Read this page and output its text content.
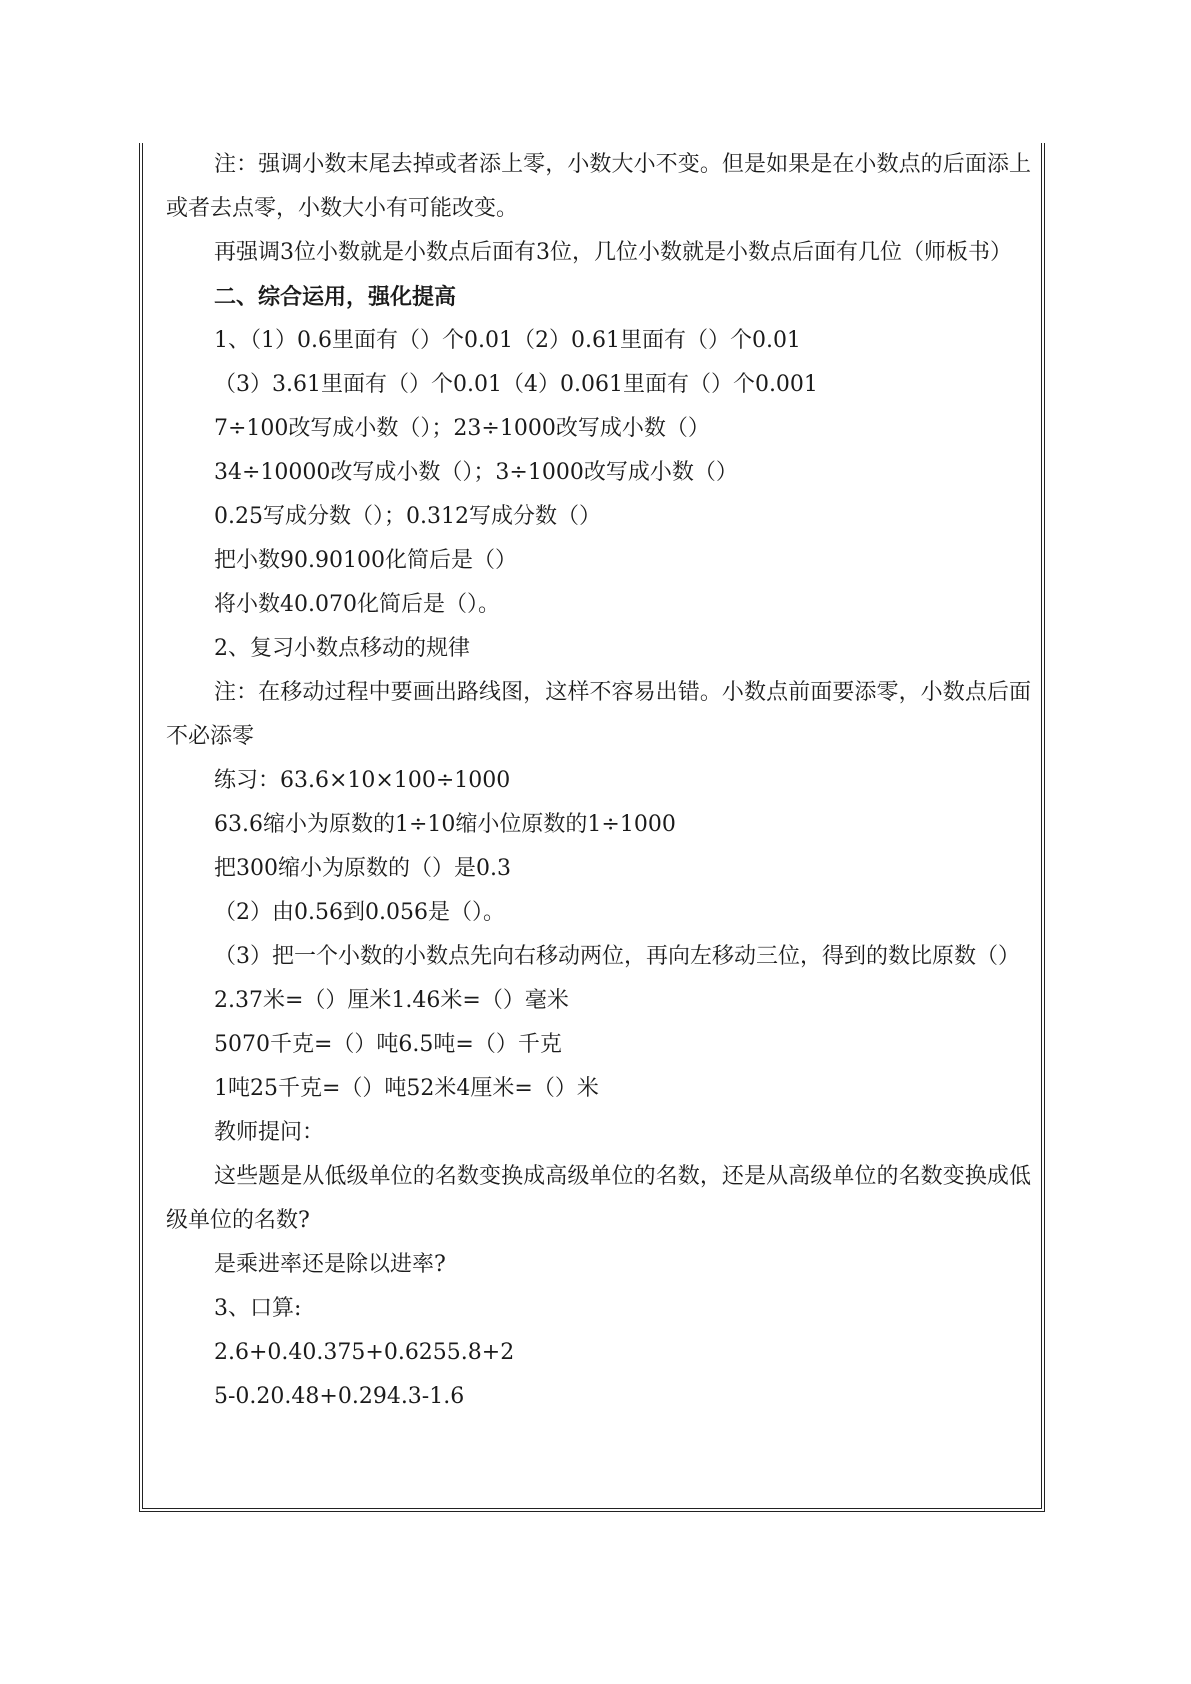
注：强调小数末尾去掉或者添上零，小数大小不变。但是如果是在小数点的后面添上或者去点零，小数大小有可能改变。
再强调3位小数就是小数点后面有3位，几位小数就是小数点后面有几位（师板书）
二、综合运用，强化提高
1、（1）0.6里面有（）个0.01（2）0.61里面有（）个0.01
（3）3.61里面有（）个0.01（4）0.061里面有（）个0.001
7÷100改写成小数（）；23÷1000改写成小数（）
34÷10000改写成小数（）；3÷1000改写成小数（）
0.25写成分数（）；0.312写成分数（）
把小数90.90100化简后是（）
将小数40.070化简后是（）。
2、复习小数点移动的规律
注：在移动过程中要画出路线图，这样不容易出错。小数点前面要添零，小数点后面不必添零
练习：63.6×10×100÷1000
63.6缩小为原数的1÷10缩小位原数的1÷1000
把300缩小为原数的（）是0.3
（2）由0.56到0.056是（）。
（3）把一个小数的小数点先向右移动两位，再向左移动三位，得到的数比原数（）
2.37米=（）厘米1.46米=（）毫米
5070千克=（）吨6.5吨=（）千克
1吨25千克=（）吨52米4厘米=（）米
教师提问：
这些题是从低级单位的名数变换成高级单位的名数，还是从高级单位的名数变换成低级单位的名数?
是乘进率还是除以进率?
3、口算:
2.6+0.40.375+0.6255.8+2
5-0.20.48+0.294.3-1.6
